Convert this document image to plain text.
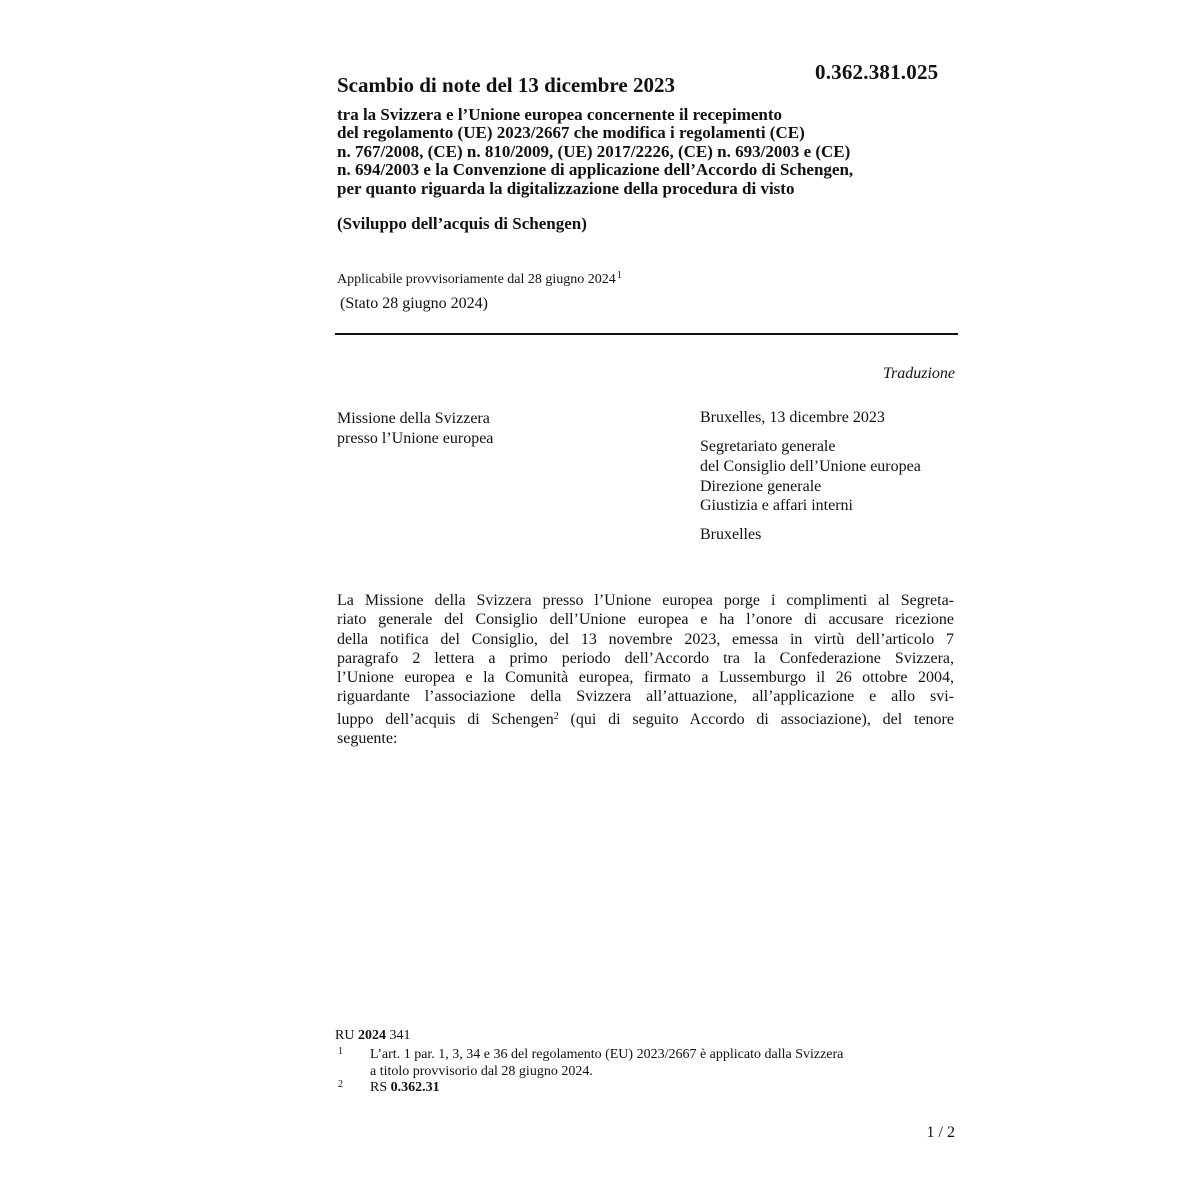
0.362.381.025
Scambio di note del 13 dicembre 2023
tra la Svizzera e l’Unione europea concernente il recepimento
del regolamento (UE) 2023/2667 che modifica i regolamenti (CE)
n. 767/2008, (CE) n. 810/2009, (UE) 2017/2226, (CE) n. 693/2003 e (CE)
n. 694/2003 e la Convenzione di applicazione dell’Accordo di Schengen,
per quanto riguarda la digitalizzazione della procedura di visto
(Sviluppo dell’acquis di Schengen)
Applicabile provvisoriamente dal 28 giugno 2024$^1$
(Stato 28 giugno 2024)
Traduzione
Missione della Svizzera
presso l’Unione europea
Bruxelles, 13 dicembre 2023
Segretariato generale
del Consiglio dell’Unione europea
Direzione generale
Giustizia e affari interni
Bruxelles
La Missione della Svizzera presso l’Unione europea porge i complimenti al Segreta-
riato generale del Consiglio dell’Unione europea e ha l’onore di accusare ricezione
della notifica del Consiglio, del 13 novembre 2023, emessa in virtù dell’articolo 7
paragrafo 2 lettera a primo periodo dell’Accordo tra la Confederazione Svizzera,
l’Unione europea e la Comunità europea, firmato a Lussemburgo il 26 ottobre 2004,
riguardante l’associazione della Svizzera all’attuazione, all’applicazione e allo svi-
luppo dell’acquis di Schengen$^2$ (qui di seguito Accordo di associazione), del tenore
seguente:
RU 2024 341
1 L’art. 1 par. 1, 3, 34 e 36 del regolamento (EU) 2023/2667 è applicato dalla Svizzera
a titolo provvisorio dal 28 giugno 2024.
2 RS 0.362.31
1 / 2
